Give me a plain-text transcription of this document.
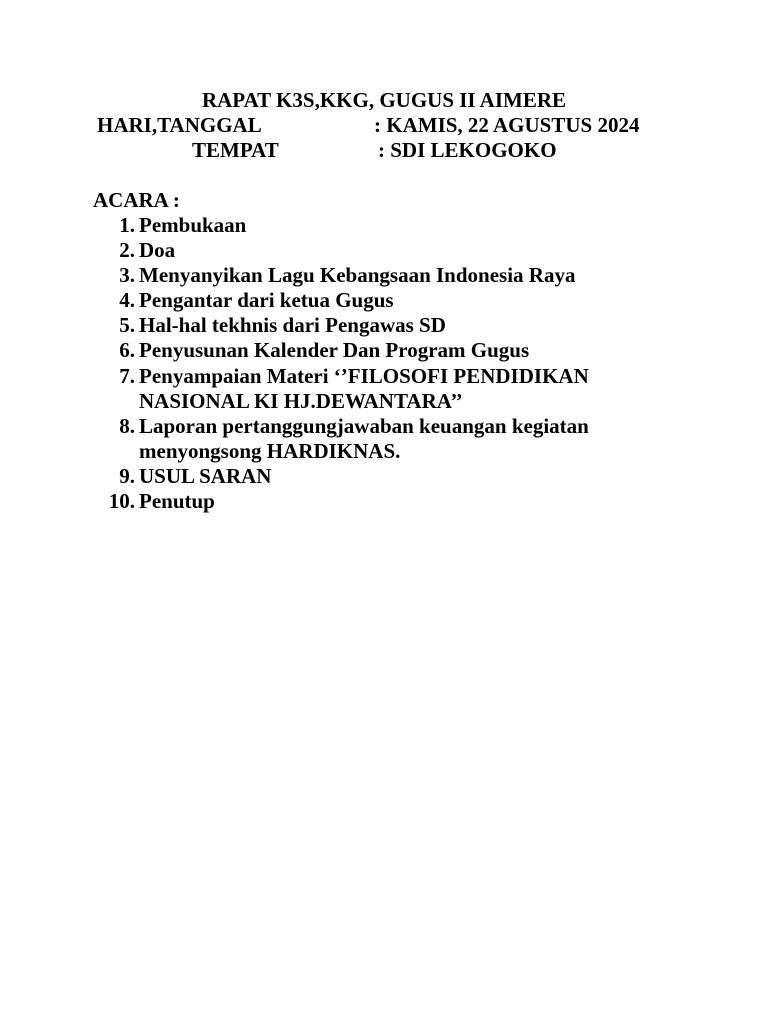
RAPAT K3S,KKG, GUGUS II AIMERE
HARI,TANGGAL	: KAMIS, 22 AGUSTUS 2024
TEMPAT	: SDI LEKOGOKO
ACARA :
1. Pembukaan
2. Doa
3. Menyanyikan Lagu Kebangsaan Indonesia Raya
4. Pengantar dari ketua Gugus
5. Hal-hal tekhnis dari Pengawas SD
6. Penyusunan Kalender Dan Program Gugus
7. Penyampaian Materi ‘’FILOSOFI PENDIDIKAN
NASIONAL KI HJ.DEWANTARA’’
8. Laporan pertanggungjawaban keuangan kegiatan
menyongsong HARDIKNAS.
9. USUL SARAN
10. Penutup
